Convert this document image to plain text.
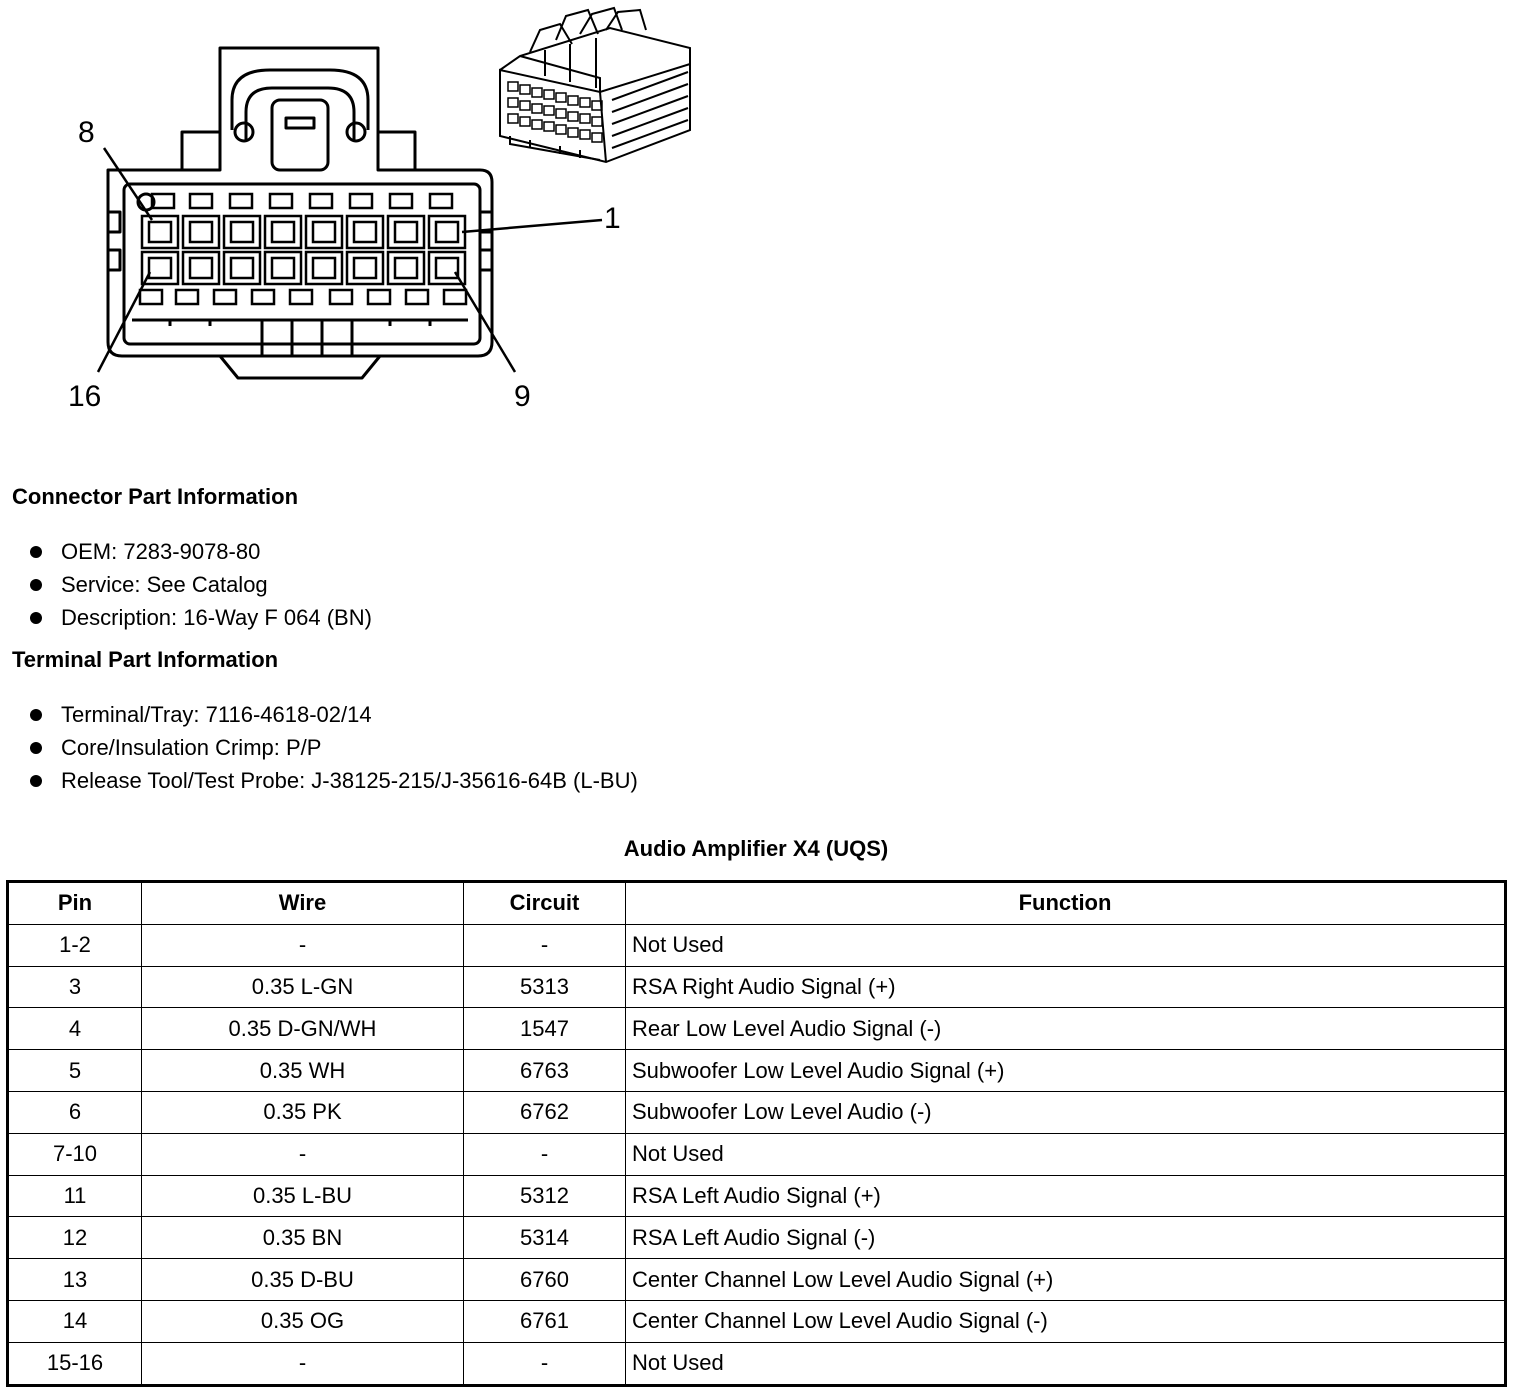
8
1
16	9
Connector Part Information
OEM: 7283-9078-80
Service: See Catalog
Description: 16-Way F 064 (BN)
Terminal Part Information
Terminal/Tray: 7116-4618-02/14
Core/Insulation Crimp: P/P
Release Tool/Test Probe: J-38125-215/J-35616-64B (L-BU)
Audio Amplifier X4 (UQS)
Pin	Wire	Circuit	Function
1-2	-	-	Not Used
3	0.35 L-GN	5313	RSA Right Audio Signal (+)
4	0.35 D-GN/WH	1547	Rear Low Level Audio Signal (-)
5	0.35 WH	6763	Subwoofer Low Level Audio Signal (+)
6	0.35 PK	6762	Subwoofer Low Level Audio (-)
7-10	-	-	Not Used
11	0.35 L-BU	5312	RSA Left Audio Signal (+)
12	0.35 BN	5314	RSA Left Audio Signal (-)
13	0.35 D-BU	6760	Center Channel Low Level Audio Signal (+)
14	0.35 OG	6761	Center Channel Low Level Audio Signal (-)
15-16	-	-	Not Used
